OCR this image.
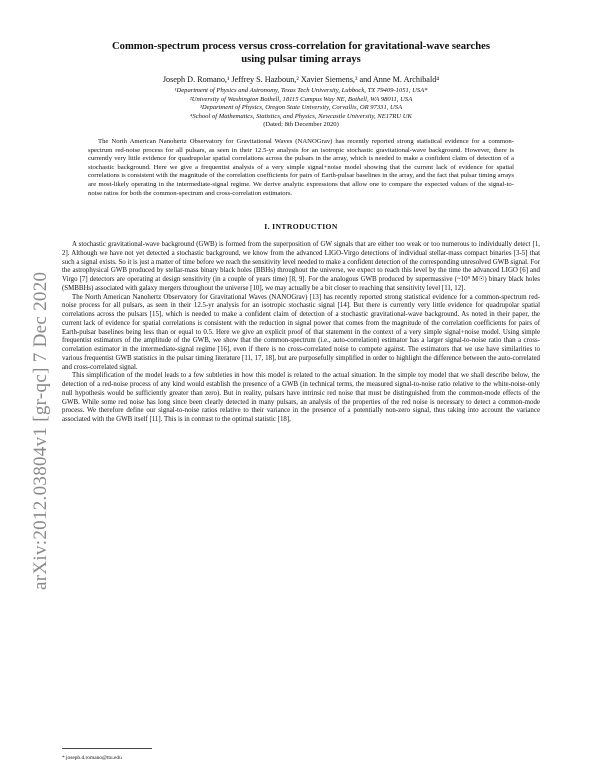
arXiv:2012.03804v1 [gr-qc] 7 Dec 2020
Common-spectrum process versus cross-correlation for gravitational-wave searches
using pulsar timing arrays
Joseph D. Romano,¹ Jeffrey S. Hazboun,² Xavier Siemens,³ and Anne M. Archibald⁴
¹Department of Physics and Astronomy, Texas Tech University, Lubbock, TX 79409-1051, USA*
²University of Washington Bothell, 18115 Campus Way NE, Bothell, WA 98011, USA
³Department of Physics, Oregon State University, Corvallis, OR 97331, USA
⁴School of Mathematics, Statistics, and Physics, Newcastle University, NE17RU UK
(Dated: 8th December 2020)

The North American Nanohertz Observatory for Gravitational Waves (NANOGrav) has recently reported strong statistical evidence for a common-spectrum red-noise process for all pulsars, as seen in their 12.5-yr analysis for an isotropic stochastic gravitational-wave background. However, there is currently very little evidence for quadrupolar spatial correlations across the pulsars in the array, which is needed to make a confident claim of detection of a stochastic background. Here we give a frequentist analysis of a very simple signal+noise model showing that the current lack of evidence for spatial correlations is consistent with the magnitude of the correlation coefficients for pairs of Earth-pulsar baselines in the array, and the fact that pulsar timing arrays are most-likely operating in the intermediate-signal regime. We derive analytic expressions that allow one to compare the expected values of the signal-to-noise ratios for both the common-spectrum and cross-correlation estimators.

I. INTRODUCTION

A stochastic gravitational-wave background (GWB) is formed from the superposition of GW signals that are either too weak or too numerous to individually detect [1, 2]. Although we have not yet detected a stochastic background, we know from the advanced LIGO-Virgo detections of individual stellar-mass compact binaries [3-5] that such a signal exists. So it is just a matter of time before we reach the sensitivity level needed to make a confident detection of the corresponding unresolved GWB signal. For the astrophysical GWB produced by stellar-mass binary black holes (BBHs) throughout the universe, we expect to reach this level by the time the advanced LIGO [6] and Virgo [7] detectors are operating at design sensitivity (in a couple of years time) [8, 9]. For the analogous GWB produced by supermassive (~10⁹ M☉) binary black holes (SMBBHs) associated with galaxy mergers throughout the universe [10], we may actually be a bit closer to reaching that sensitivity level [11, 12].

The North American Nanohertz Observatory for Gravitational Waves (NANOGrav) [13] has recently reported strong statistical evidence for a common-spectrum red-noise process for all pulsars, as seen in their 12.5-yr analysis for an isotropic stochastic signal [14]. But there is currently very little evidence for quadrupolar spatial correlations across the pulsars [15], which is needed to make a confident claim of detection of a stochastic gravitational-wave background. As noted in their paper, the current lack of evidence for spatial correlations is consistent with the reduction in signal power that comes from the magnitude of the correlation coefficients for pairs of Earth-pulsar baselines being less than or equal to 0.5. Here we give an explicit proof of that statement in the context of a very simple signal+noise model. Using simple frequentist estimators of the amplitude of the GWB, we show that the common-spectrum (i.e., auto-correlation) estimator has a larger signal-to-noise ratio than a cross-correlation estimator in the intermediate-signal regime [16], even if there is no cross-correlated noise to compete against. The estimators that we use have similarities to various frequentist GWB statistics in the pulsar timing literature [11, 17, 18], but are purposefully simplified in order to highlight the difference between the auto-correlated and cross-correlated signal.

This simplification of the model leads to a few subtleties in how this model is related to the actual situation. In the simple toy model that we shall describe below, the detection of a red-noise process of any kind would establish the presence of a GWB (in technical terms, the measured signal-to-noise ratio relative to the white-noise-only null hypothesis would be sufficiently greater than zero). But in reality, pulsars have intrinsic red noise that must be distinguished from the common-mode effects of the GWB. While some red noise has long since been clearly detected in many pulsars, an analysis of the properties of the red noise is necessary to detect a common-mode process. We therefore define our signal-to-noise ratios relative to their variance in the presence of a potentially non-zero signal, thus taking into account the variance associated with the GWB itself [11]. This is in contrast to the optimal statistic [18],

* joseph.d.romano@ttu.edu
